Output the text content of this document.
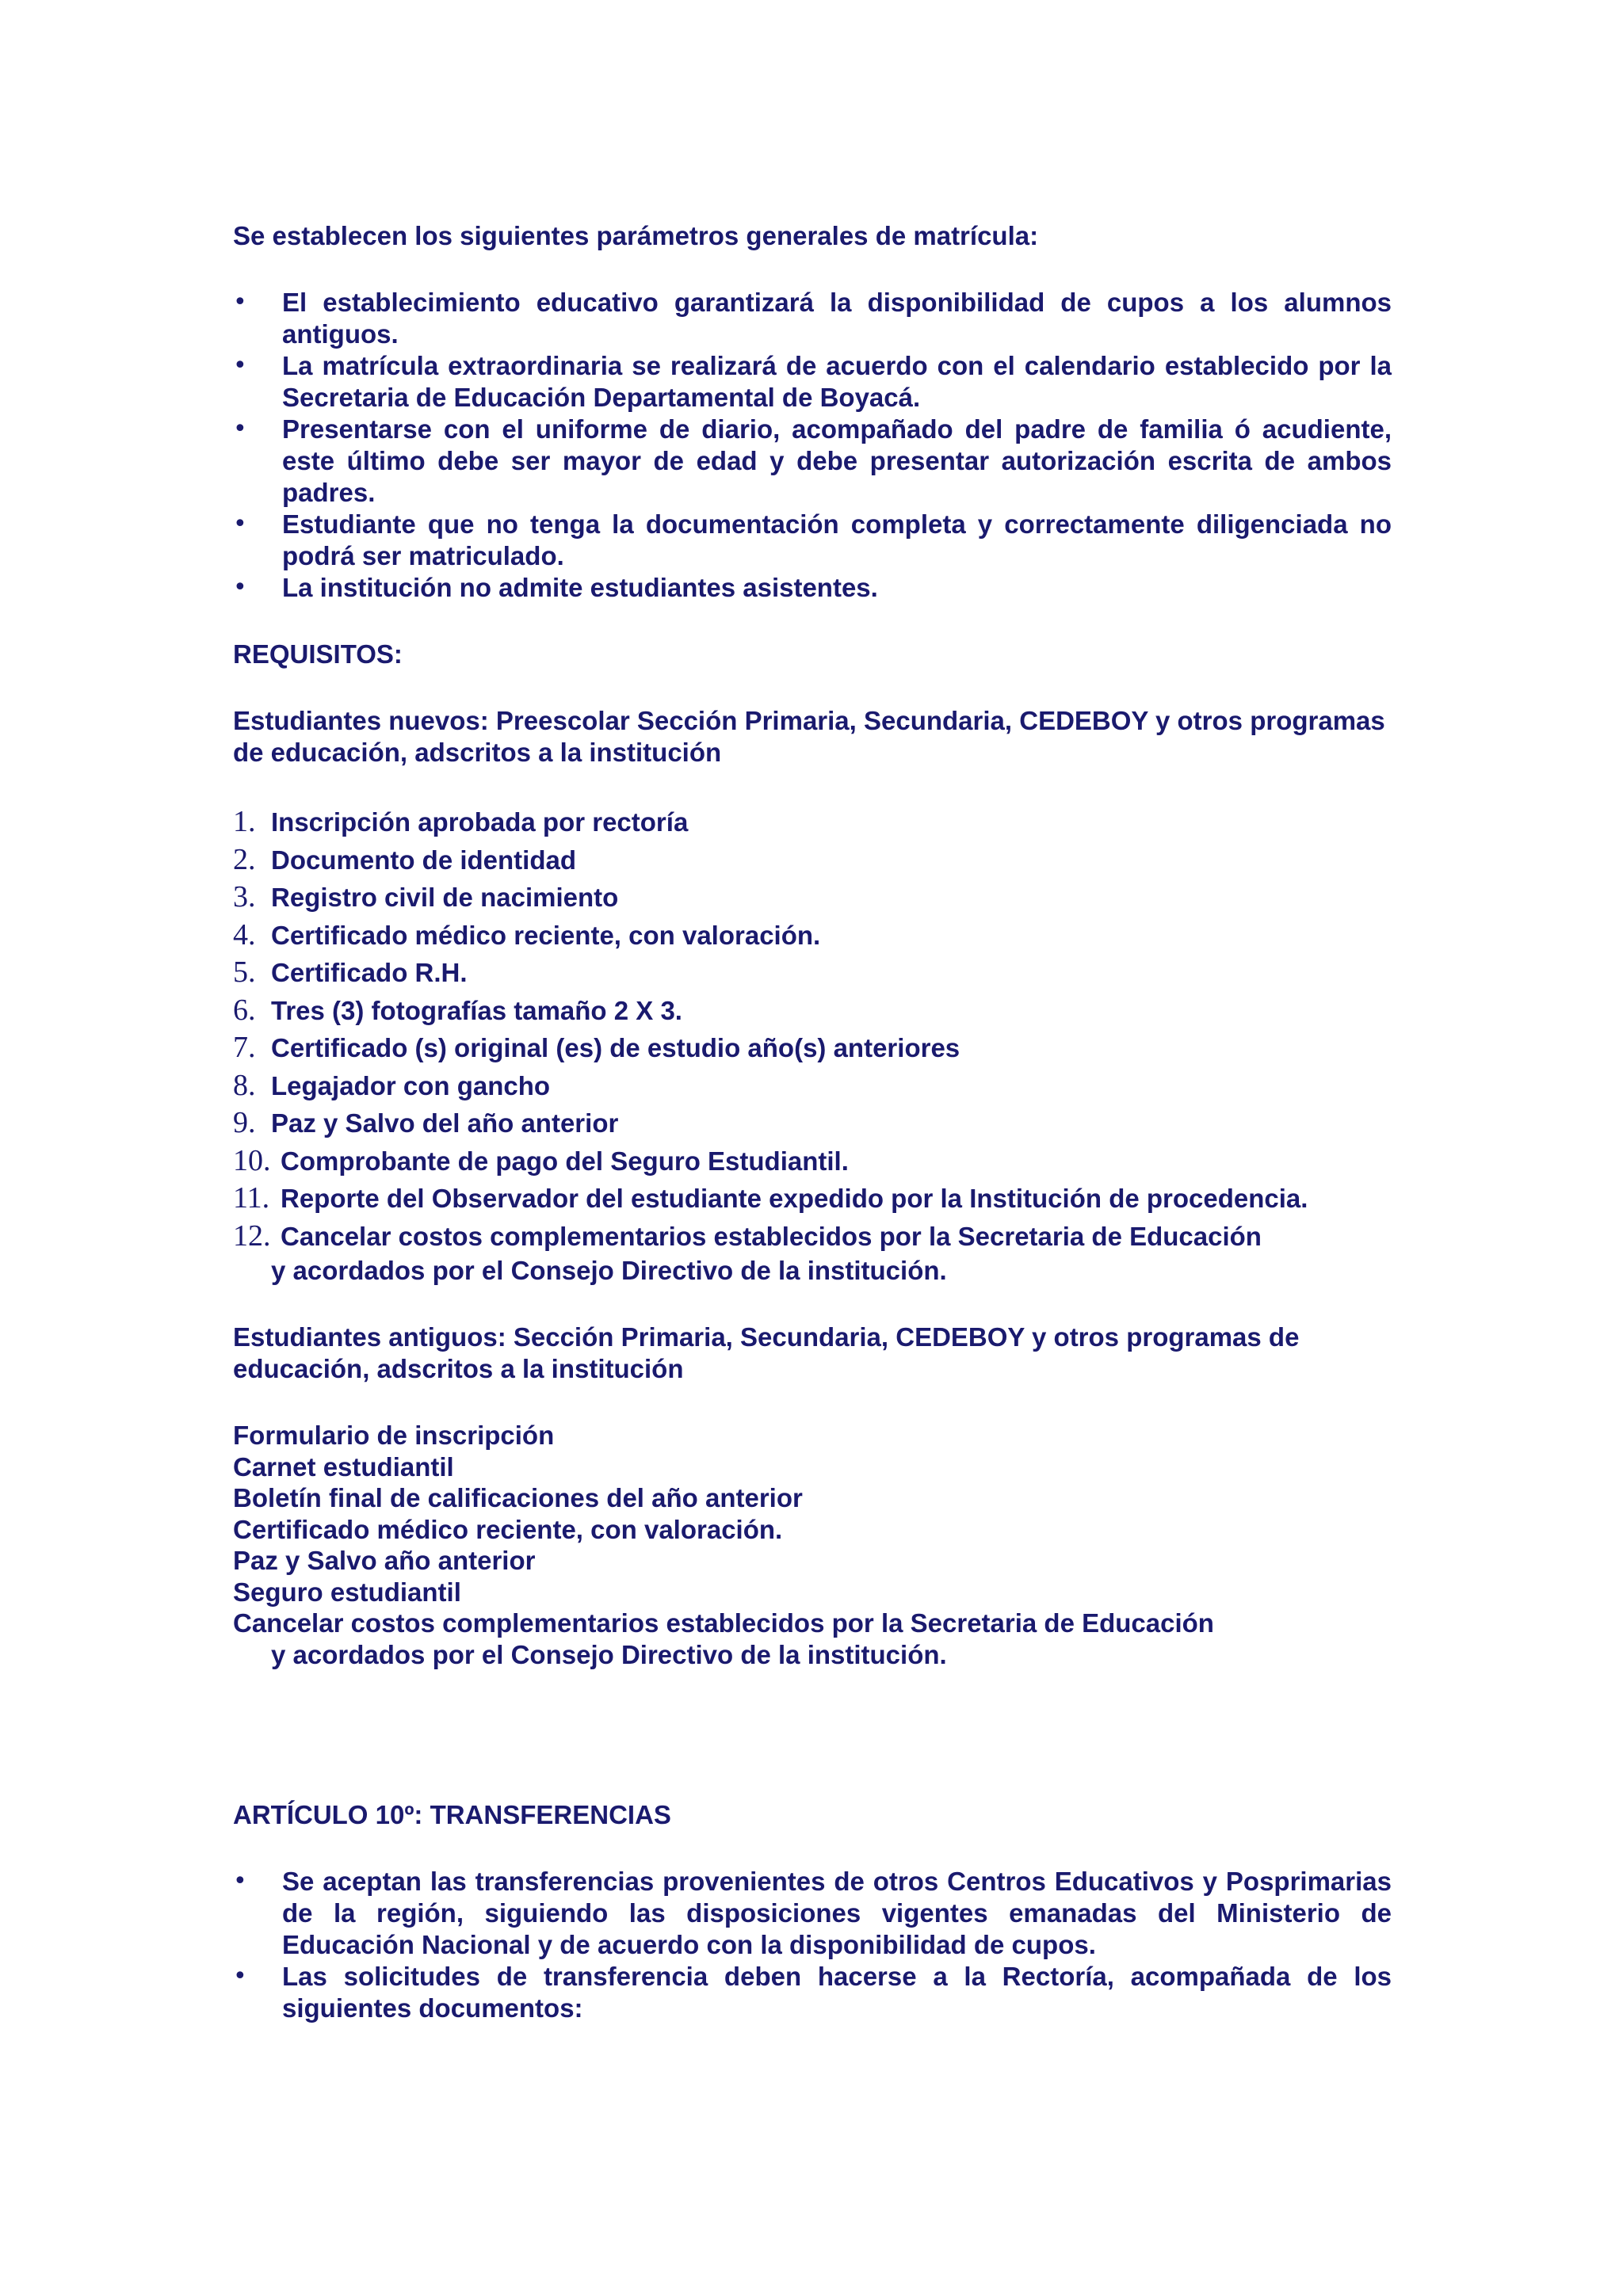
Se establecen los siguientes parámetros generales de matrícula:

• El establecimiento educativo garantizará la disponibilidad de cupos a los alumnos antiguos.
• La matrícula extraordinaria se realizará de acuerdo con el calendario establecido por la Secretaria de Educación Departamental de Boyacá.
• Presentarse con el uniforme de diario, acompañado del padre de familia ó acudiente, este último debe ser mayor de edad y debe presentar autorización escrita de ambos padres.
• Estudiante que no tenga la documentación completa y correctamente diligenciada no podrá ser matriculado.
• La institución no admite estudiantes asistentes.

REQUISITOS:

Estudiantes nuevos: Preescolar Sección Primaria, Secundaria, CEDEBOY y otros programas de educación, adscritos a la institución

1. Inscripción aprobada por rectoría
2. Documento de identidad
3. Registro civil de nacimiento
4. Certificado médico reciente, con valoración.
5. Certificado R.H.
6. Tres (3) fotografías tamaño 2 X 3.
7. Certificado (s) original (es) de estudio año(s) anteriores
8. Legajador con gancho
9. Paz y Salvo del año anterior
10. Comprobante de pago del Seguro Estudiantil.
11. Reporte del Observador del estudiante expedido por la Institución de procedencia.
12. Cancelar costos complementarios establecidos por la Secretaria de Educación
y acordados por el Consejo Directivo de la institución.

Estudiantes antiguos: Sección Primaria, Secundaria, CEDEBOY y otros programas de educación, adscritos a la institución

Formulario de inscripción
Carnet estudiantil
Boletín final de calificaciones del año anterior
Certificado médico reciente, con valoración.
Paz y Salvo año anterior
Seguro estudiantil
Cancelar costos complementarios establecidos por la Secretaria de Educación
y acordados por el Consejo Directivo de la institución.

ARTÍCULO 10º: TRANSFERENCIAS

• Se aceptan las transferencias provenientes de otros Centros Educativos y Posprimarias de la región, siguiendo las disposiciones vigentes emanadas del Ministerio de Educación Nacional y de acuerdo con la disponibilidad de cupos.
• Las solicitudes de transferencia deben hacerse a la Rectoría, acompañada de los siguientes documentos:
